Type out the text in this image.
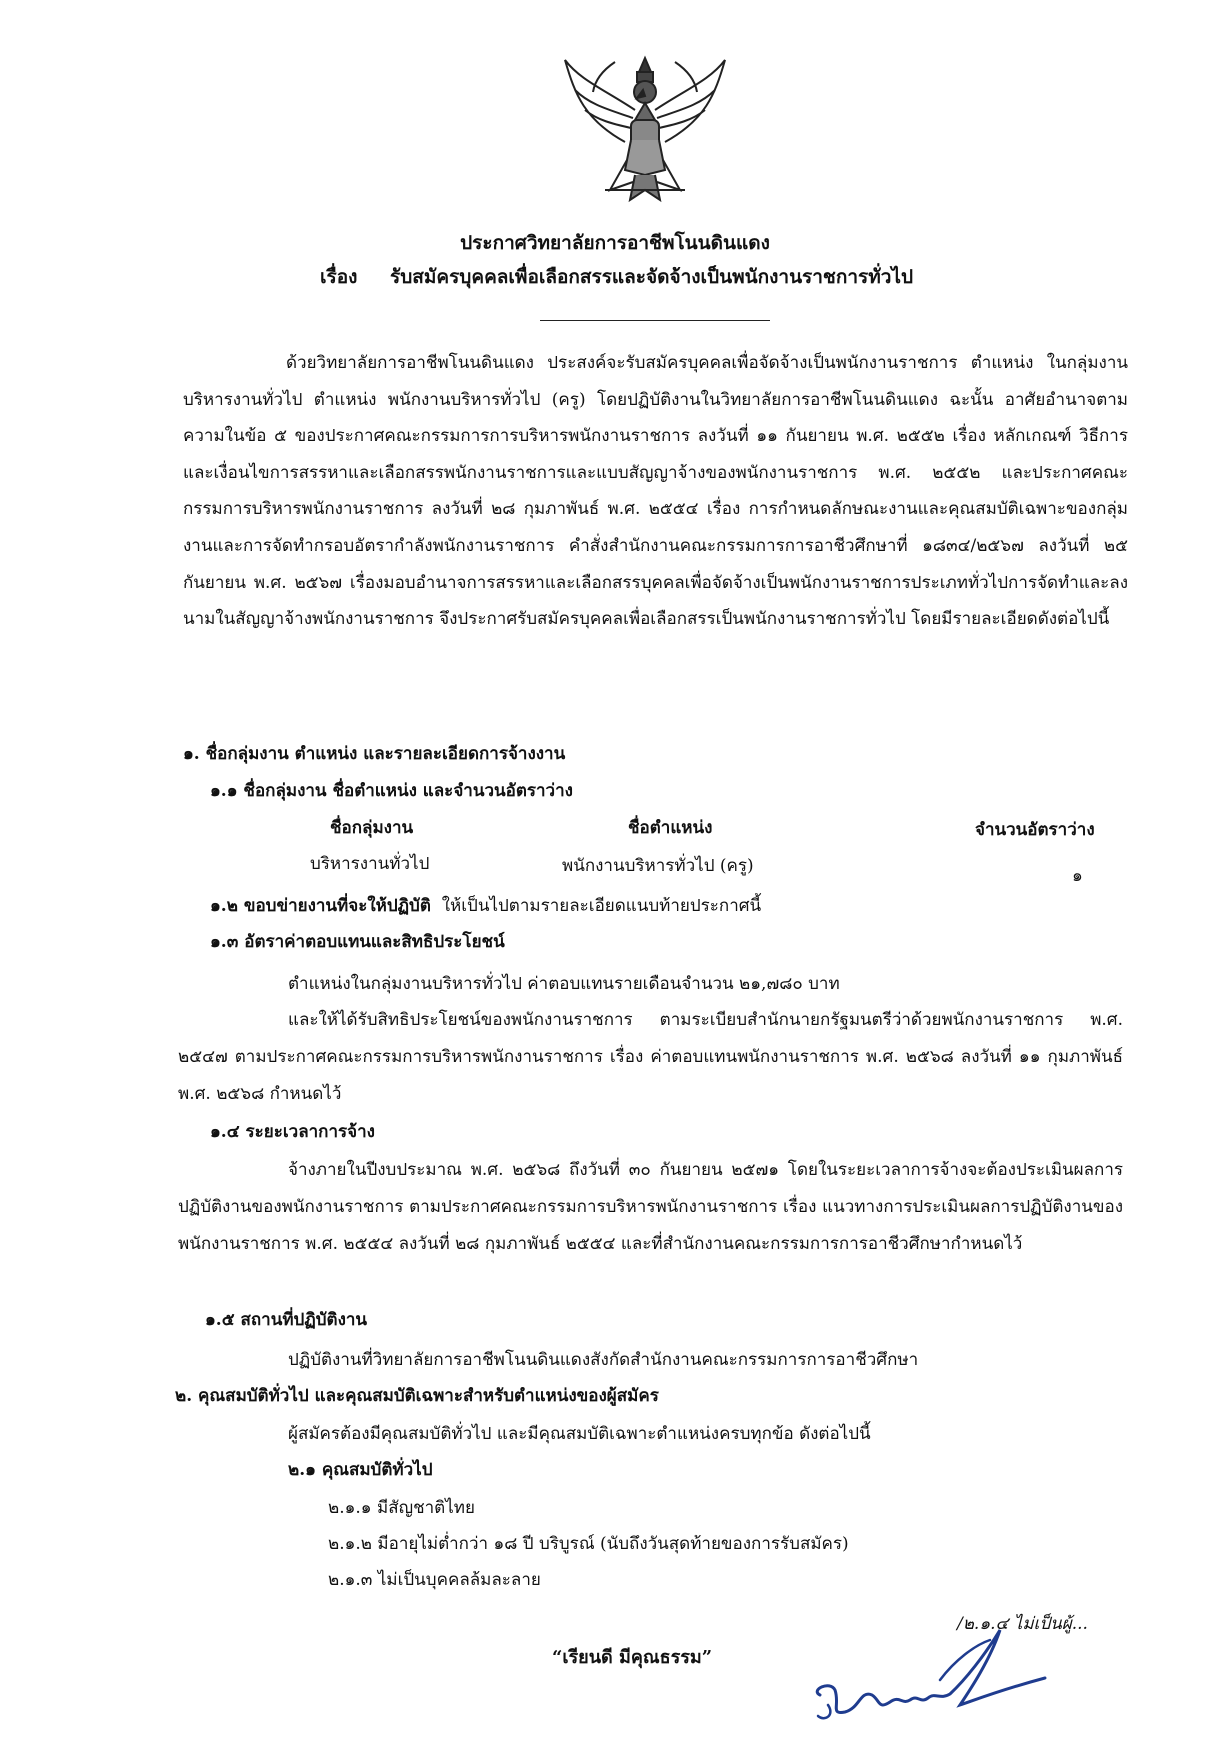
ประกาศวิทยาลัยการอาชีพโนนดินแดง
เรื่อง รับสมัครบุคคลเพื่อเลือกสรรและจัดจ้างเป็นพนักงานราชการทั่วไป
ด้วยวิทยาลัยการอาชีพโนนดินแดง ประสงค์จะรับสมัครบุคคลเพื่อจัดจ้างเป็นพนักงานราชการ ตำแหน่ง ในกลุ่มงานบริหารงานทั่วไป ตำแหน่ง พนักงานบริหารทั่วไป (ครู) โดยปฏิบัติงานในวิทยาลัยการอาชีพโนนดินแดง ฉะนั้น อาศัยอำนาจตามความในข้อ ๕ ของประกาศคณะกรรมการการบริหารพนักงานราชการ ลงวันที่ ๑๑ กันยายน พ.ศ. ๒๕๕๒ เรื่อง หลักเกณฑ์ วิธีการ และเงื่อนไขการสรรหาและเลือกสรรพนักงานราชการและแบบสัญญาจ้างของพนักงานราชการ พ.ศ. ๒๕๕๒ และประกาศคณะกรรมการบริหารพนักงานราชการ ลงวันที่ ๒๘ กุมภาพันธ์ พ.ศ. ๒๕๕๔ เรื่อง การกำหนดลักษณะงานและคุณสมบัติเฉพาะของกลุ่มงานและการจัดทำกรอบอัตรากำลังพนักงานราชการ คำสั่งสำนักงานคณะกรรมการการอาชีวศึกษาที่ ๑๘๓๔/๒๕๖๗ ลงวันที่ ๒๕ กันยายน พ.ศ. ๒๕๖๗ เรื่องมอบอำนาจการสรรหาและเลือกสรรบุคคลเพื่อจัดจ้างเป็นพนักงานราชการประเภททั่วไปการจัดทำและลงนามในสัญญาจ้างพนักงานราชการ จึงประกาศรับสมัครบุคคลเพื่อเลือกสรรเป็นพนักงานราชการทั่วไป โดยมีรายละเอียดดังต่อไปนี้
๑. ชื่อกลุ่มงาน ตำแหน่ง และรายละเอียดการจ้างงาน
๑.๑ ชื่อกลุ่มงาน ชื่อตำแหน่ง และจำนวนอัตราว่าง
ชื่อกลุ่มงาน	ชื่อตำแหน่ง	จำนวนอัตราว่าง
บริหารงานทั่วไป	พนักงานบริหารทั่วไป (ครู)	๑
๑.๒ ขอบข่ายงานที่จะให้ปฏิบัติ ให้เป็นไปตามรายละเอียดแนบท้ายประกาศนี้
๑.๓ อัตราค่าตอบแทนและสิทธิประโยชน์
ตำแหน่งในกลุ่มงานบริหารทั่วไป ค่าตอบแทนรายเดือนจำนวน ๒๑,๗๘๐ บาท
และให้ได้รับสิทธิประโยชน์ของพนักงานราชการ ตามระเบียบสำนักนายกรัฐมนตรีว่าด้วยพนักงานราชการ พ.ศ. ๒๕๔๗ ตามประกาศคณะกรรมการบริหารพนักงานราชการ เรื่อง ค่าตอบแทนพนักงานราชการ พ.ศ. ๒๕๖๘ ลงวันที่ ๑๑ กุมภาพันธ์ พ.ศ. ๒๕๖๘ กำหนดไว้
๑.๔ ระยะเวลาการจ้าง
จ้างภายในปีงบประมาณ พ.ศ. ๒๕๖๘ ถึงวันที่ ๓๐ กันยายน ๒๕๗๑ โดยในระยะเวลาการจ้างจะต้องประเมินผลการปฏิบัติงานของพนักงานราชการ ตามประกาศคณะกรรมการบริหารพนักงานราชการ เรื่อง แนวทางการประเมินผลการปฏิบัติงานของพนักงานราชการ พ.ศ. ๒๕๕๔ ลงวันที่ ๒๘ กุมภาพันธ์ ๒๕๕๔ และที่สำนักงานคณะกรรมการการอาชีวศึกษากำหนดไว้
๑.๕ สถานที่ปฏิบัติงาน
ปฏิบัติงานที่วิทยาลัยการอาชีพโนนดินแดงสังกัดสำนักงานคณะกรรมการการอาชีวศึกษา
๒. คุณสมบัติทั่วไป และคุณสมบัติเฉพาะสำหรับตำแหน่งของผู้สมัคร
ผู้สมัครต้องมีคุณสมบัติทั่วไป และมีคุณสมบัติเฉพาะตำแหน่งครบทุกข้อ ดังต่อไปนี้
๒.๑ คุณสมบัติทั่วไป
๒.๑.๑ มีสัญชาติไทย
๒.๑.๒ มีอายุไม่ต่ำกว่า ๑๘ ปี บริบูรณ์ (นับถึงวันสุดท้ายของการรับสมัคร)
๒.๑.๓ ไม่เป็นบุคคลล้มละลาย
/๒.๑.๔ ไม่เป็นผู้...
“เรียนดี มีคุณธรรม”
